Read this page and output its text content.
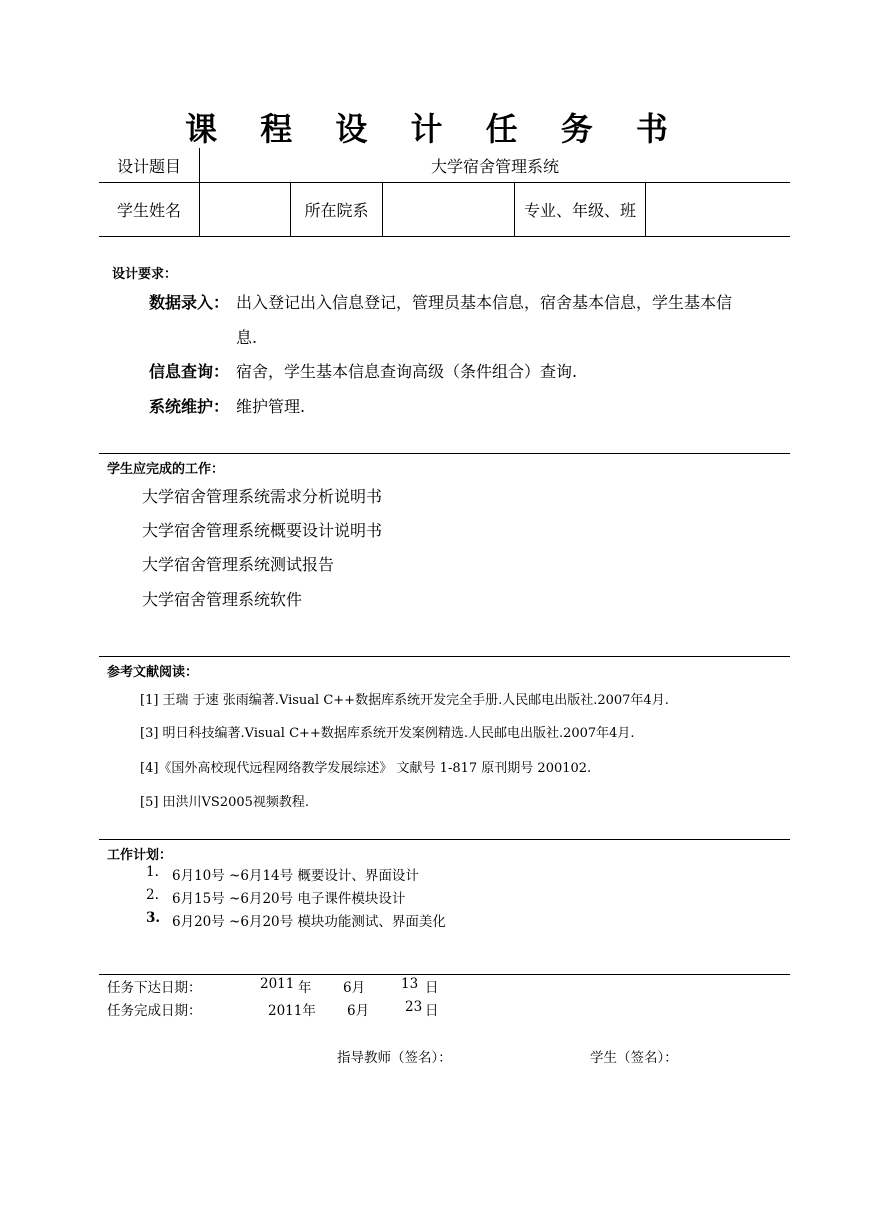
课 程 设 计 任 务 书
设计题目	大学宿舍管理系统
学生姓名	所在院系	专业、年级、班
设计要求：
数据录入： 出入登记出入信息登记，管理员基本信息，宿舍基本信息，学生基本信
息.
信息查询： 宿舍，学生基本信息查询高级（条件组合）查询.
系统维护： 维护管理.
学生应完成的工作：
大学宿舍管理系统需求分析说明书
大学宿舍管理系统概要设计说明书
大学宿舍管理系统测试报告
大学宿舍管理系统软件
参考文献阅读：
[1] 王瑞 于速 张雨编著.Visual C++数据库系统开发完全手册.人民邮电出版社.2007年4月.
[3] 明日科技编著.Visual C++数据库系统开发案例精选.人民邮电出版社.2007年4月.
[4]《国外高校现代远程网络教学发展综述》 文献号 1-817 原刊期号 200102.
[5] 田洪川VS2005视频教程.
工作计划：
1. 6月10号 ~6月14号 概要设计、界面设计
2. 6月15号 ~6月20号 电子课件模块设计
3. 6月20号 ~6月20号 模块功能测试、界面美化
任务下达日期：	2011 年 6月	13 日
任务完成日期：	2011年 6月	23 日
指导教师（签名）：	学生（签名）：
